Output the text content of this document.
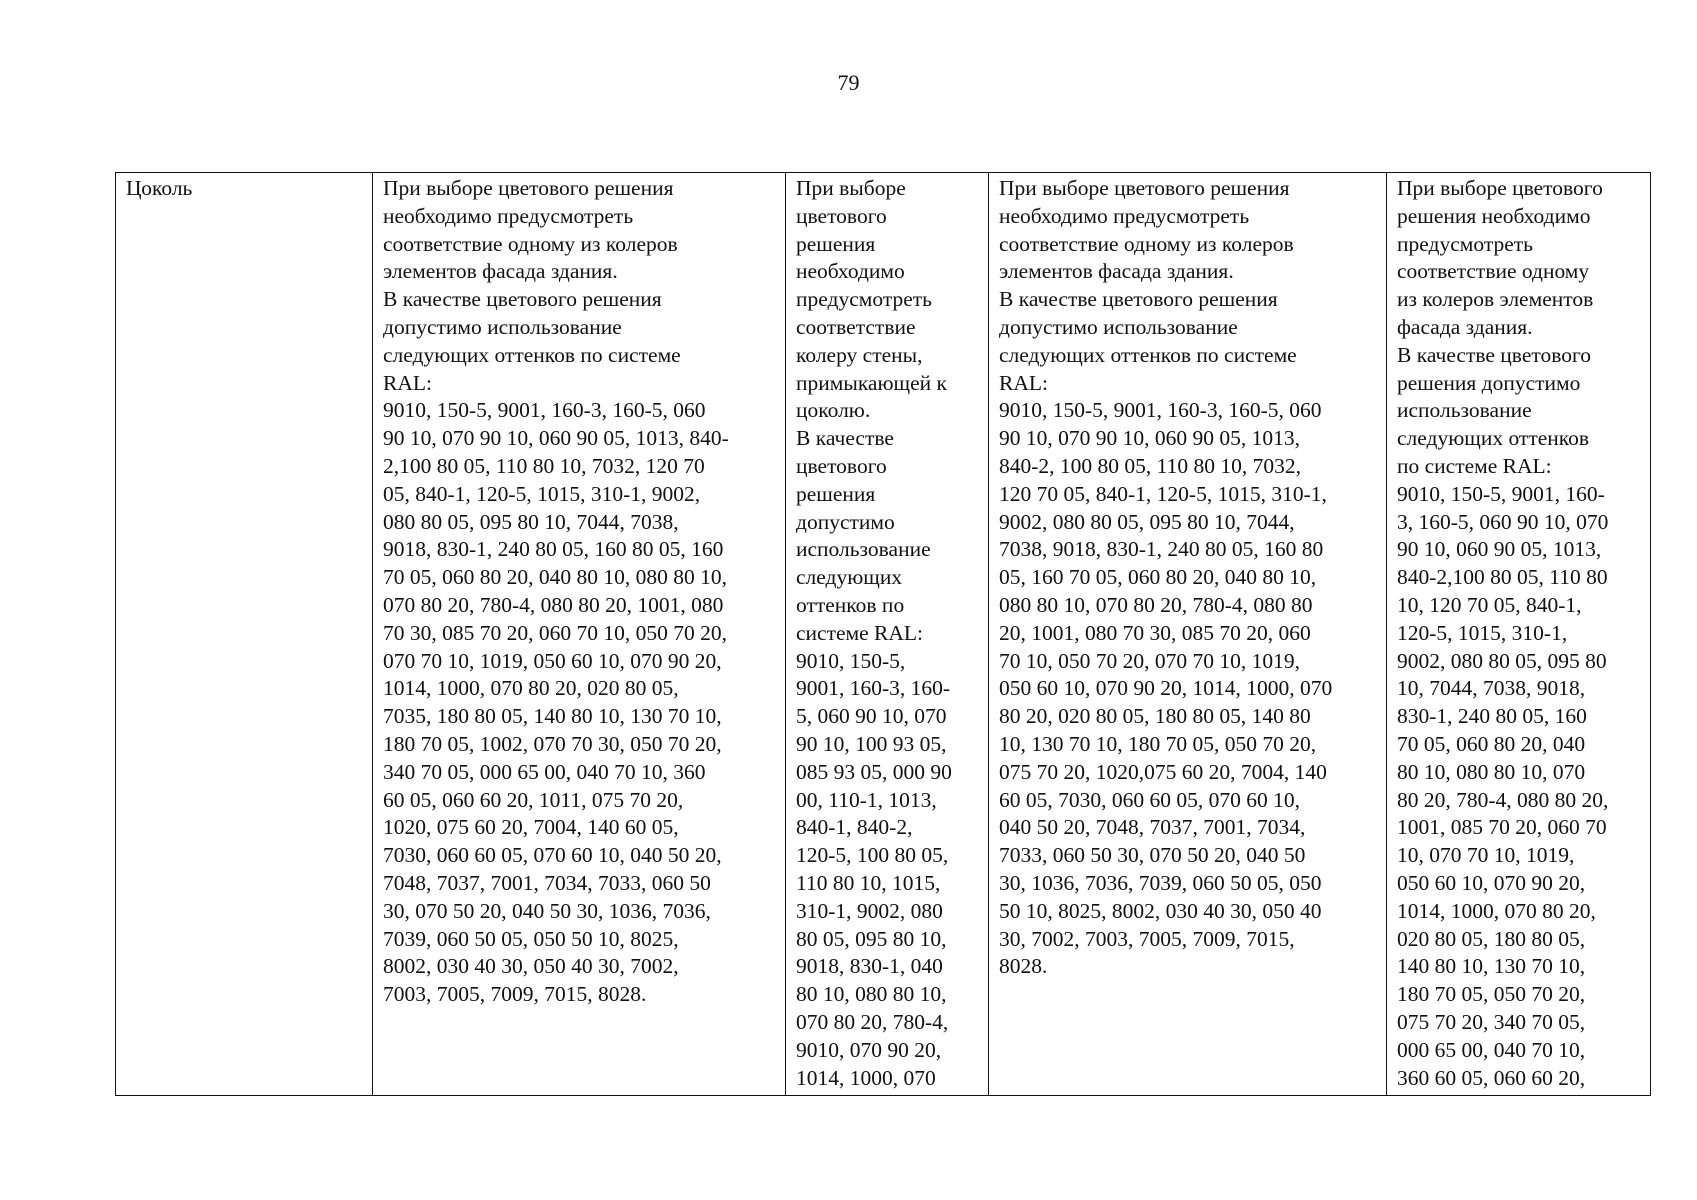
79
Цоколь	При выборе цветового решения
необходимо предусмотреть
соответствие одному из колеров
элементов фасада здания.
В качестве цветового решения
допустимо использование
следующих оттенков по системе
RAL:
9010, 150-5, 9001, 160-3, 160-5, 060
90 10, 070 90 10, 060 90 05, 1013, 840-
2,100 80 05, 110 80 10, 7032, 120 70
05, 840-1, 120-5, 1015, 310-1, 9002,
080 80 05, 095 80 10, 7044, 7038,
9018, 830-1, 240 80 05, 160 80 05, 160
70 05, 060 80 20, 040 80 10, 080 80 10,
070 80 20, 780-4, 080 80 20, 1001, 080
70 30, 085 70 20, 060 70 10, 050 70 20,
070 70 10, 1019, 050 60 10, 070 90 20,
1014, 1000, 070 80 20, 020 80 05,
7035, 180 80 05, 140 80 10, 130 70 10,
180 70 05, 1002, 070 70 30, 050 70 20,
340 70 05, 000 65 00, 040 70 10, 360
60 05, 060 60 20, 1011, 075 70 20,
1020, 075 60 20, 7004, 140 60 05,
7030, 060 60 05, 070 60 10, 040 50 20,
7048, 7037, 7001, 7034, 7033, 060 50
30, 070 50 20, 040 50 30, 1036, 7036,
7039, 060 50 05, 050 50 10, 8025,
8002, 030 40 30, 050 40 30, 7002,
7003, 7005, 7009, 7015, 8028.	При выборе
цветового
решения
необходимо
предусмотреть
соответствие
колеру стены,
примыкающей к
цоколю.
В качестве
цветового
решения
допустимо
использование
следующих
оттенков по
системе RAL:
9010, 150-5,
9001, 160-3, 160-
5, 060 90 10, 070
90 10, 100 93 05,
085 93 05, 000 90
00, 110-1, 1013,
840-1, 840-2,
120-5, 100 80 05,
110 80 10, 1015,
310-1, 9002, 080
80 05, 095 80 10,
9018, 830-1, 040
80 10, 080 80 10,
070 80 20, 780-4,
9010, 070 90 20,
1014, 1000, 070	При выборе цветового решения
необходимо предусмотреть
соответствие одному из колеров
элементов фасада здания.
В качестве цветового решения
допустимо использование
следующих оттенков по системе
RAL:
9010, 150-5, 9001, 160-3, 160-5, 060
90 10, 070 90 10, 060 90 05, 1013,
840-2, 100 80 05, 110 80 10, 7032,
120 70 05, 840-1, 120-5, 1015, 310-1,
9002, 080 80 05, 095 80 10, 7044,
7038, 9018, 830-1, 240 80 05, 160 80
05, 160 70 05, 060 80 20, 040 80 10,
080 80 10, 070 80 20, 780-4, 080 80
20, 1001, 080 70 30, 085 70 20, 060
70 10, 050 70 20, 070 70 10, 1019,
050 60 10, 070 90 20, 1014, 1000, 070
80 20, 020 80 05, 180 80 05, 140 80
10, 130 70 10, 180 70 05, 050 70 20,
075 70 20, 1020,075 60 20, 7004, 140
60 05, 7030, 060 60 05, 070 60 10,
040 50 20, 7048, 7037, 7001, 7034,
7033, 060 50 30, 070 50 20, 040 50
30, 1036, 7036, 7039, 060 50 05, 050
50 10, 8025, 8002, 030 40 30, 050 40
30, 7002, 7003, 7005, 7009, 7015,
8028.	При выборе цветового
решения необходимо
предусмотреть
соответствие одному
из колеров элементов
фасада здания.
В качестве цветового
решения допустимо
использование
следующих оттенков
по системе RAL:
9010, 150-5, 9001, 160-
3, 160-5, 060 90 10, 070
90 10, 060 90 05, 1013,
840-2,100 80 05, 110 80
10, 120 70 05, 840-1,
120-5, 1015, 310-1,
9002, 080 80 05, 095 80
10, 7044, 7038, 9018,
830-1, 240 80 05, 160
70 05, 060 80 20, 040
80 10, 080 80 10, 070
80 20, 780-4, 080 80 20,
1001, 085 70 20, 060 70
10, 070 70 10, 1019,
050 60 10, 070 90 20,
1014, 1000, 070 80 20,
020 80 05, 180 80 05,
140 80 10, 130 70 10,
180 70 05, 050 70 20,
075 70 20, 340 70 05,
000 65 00, 040 70 10,
360 60 05, 060 60 20,
